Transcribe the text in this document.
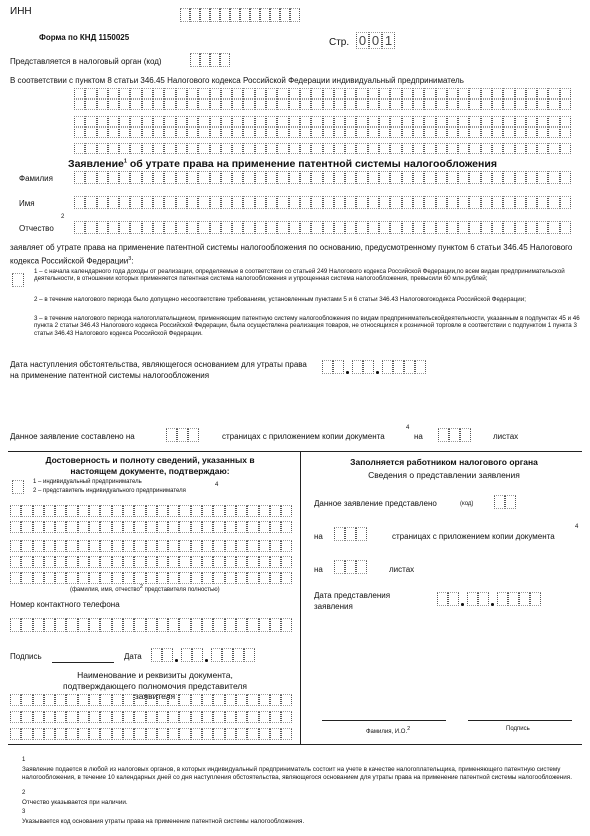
ИНН
Форма по КНД 1150025	Стр. 0 0 1
Представляется в налоговый орган (код)
В соответствии с пунктом 8 статьи 346.45 Налогового кодекса Российской Федерации индивидуальный предприниматель
Заявление$^1$ об утрате права на применение патентной системы налогообложения
Фамилия
Имя
Отчество
2
заявляет об утрате права на применение патентной системы налогообложения по основанию, предусмотренному пунктом 6 статьи 346.45 Налогового кодекса Российской Федерации$^3$:
1 – с начала календарного года доходы от реализации, определяемые в соответствии со статьей 249 Налогового кодекса Российской Федерации,по всем видам предпринимательской деятельности, в отношении которых применяется патентная система налогообложения и упрощенная система налогообложения, превысили 60 млн.рублей;
2 – в течение налогового периода было допущено несоответствие требованиям, установленным пунктами 5 и 6 статьи 346.43 Налоговогокодекса Российской Федерации;
3 – в течение налогового периода налогоплательщиком, применяющим патентную систему налогообложения по видам предпринимательскойдеятельности, указанным в подпунктах 45 и 46 пункта 2 статьи 346.43 Налогового кодекса Российской Федерации, была осуществлена реализация товаров, не относящихся к розничной торговле в соответствии с подпунктом 1 пункта 3 статьи 346.43 Налогового кодекса Российской Федерации.
Дата наступления обстоятельства, являющегося основанием для утраты права на применение патентной системы налогообложения
Данное заявление составлено на	страницах с приложением копии документа
4
на	листах
Достоверность и полноту сведений, указанных в настоящем документе, подтверждаю:
1 – индивидуальный предприниматель
2 – представитель индивидуального предпринимателя
4
(фамилия, имя, отчество2 представителя полностью)
Номер контактного телефона
Подпись	Дата
Наименование и реквизиты документа, подтверждающего полномочия представителя заявителя
Заполняется работником налогового органа
Сведения о представлении заявления
Данное заявление представлено	(код)
на	страницах с приложением копии документа
4
на	листах
Дата представления заявления
Фамилия, И.О.2	Подпись
1
Заявление подается в любой из налоговых органов, в которых индивидуальный предприниматель состоит на учете в качестве налогоплательщика, применяющего патентную систему налогообложения, в течение 10 календарных дней со дня наступления обстоятельства, являющегося основанием для утраты права на применение патентной системы налогообложения.
2
Отчество указывается при наличии.
3
Указывается код основания утраты права на применение патентной системы налогообложения.
